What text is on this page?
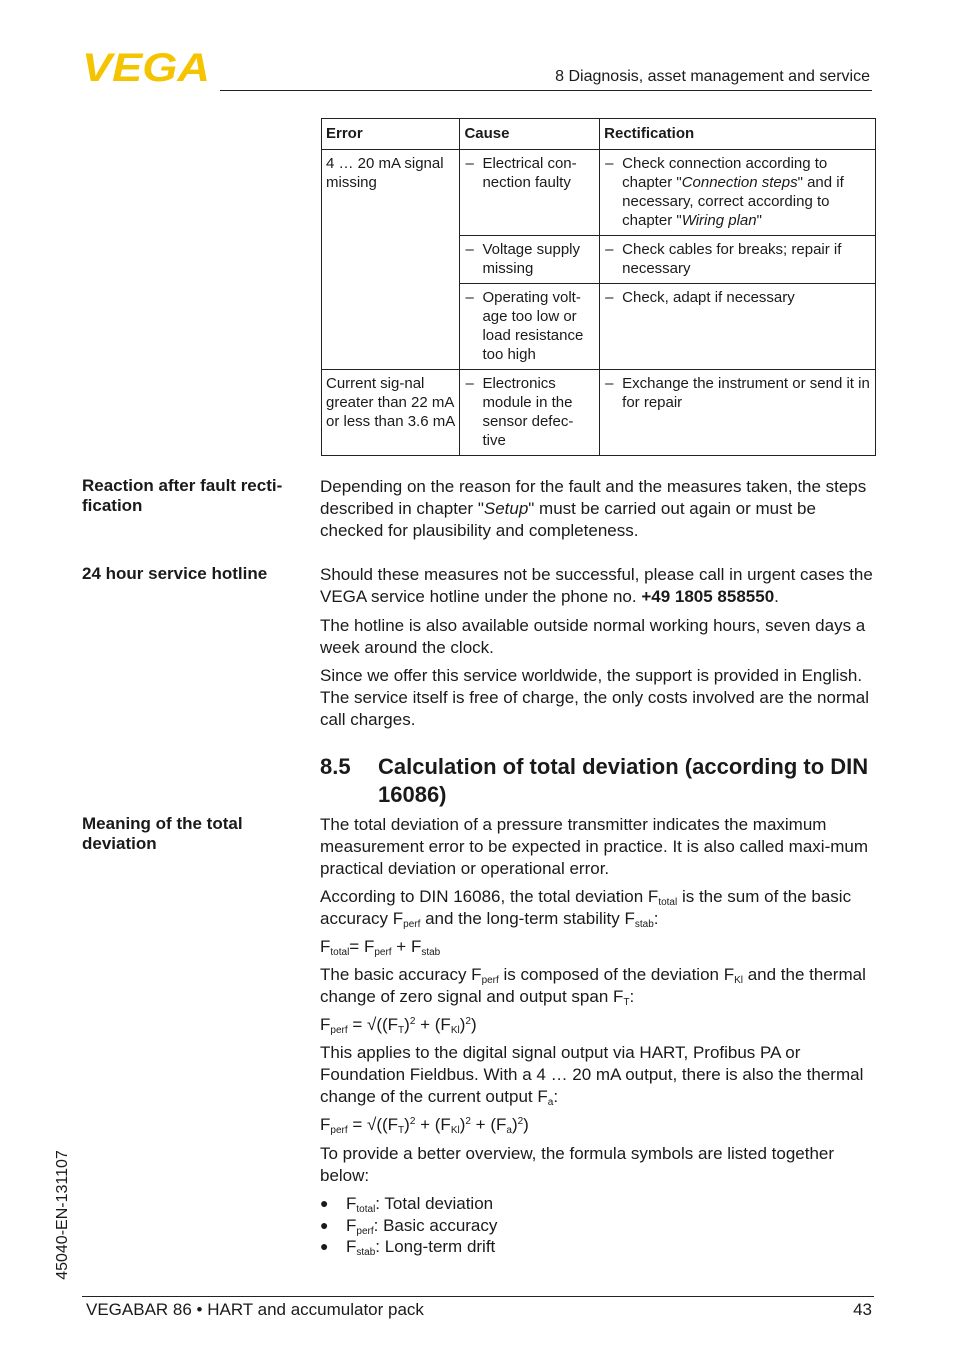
VEGA	8 Diagnosis, asset management and service
Error	Cause	Rectification
4 … 20 mA signal missing	– Electrical con-nection faulty	– Check connection according to chapter "Connection steps" and if necessary, correct according to chapter "Wiring plan"

	– Voltage supply missing	– Check cables for breaks; repair if necessary

	– Operating volt-age too low or load resistance too high	– Check, adapt if necessary

Current sig-nal greater than 22 mA or less than 3.6 mA	– Electronics module in the sensor defec-tive	– Exchange the instrument or send it in for repair
Reaction after fault recti-fication

Depending on the reason for the fault and the measures taken, the steps described in chapter "Setup" must be carried out again or must be checked for plausibility and completeness.

24 hour service hotline	Should these measures not be successful, please call in urgent cases the VEGA service hotline under the phone no. +49 1805 858550.

The hotline is also available outside normal working hours, seven days a week around the clock.

Since we offer this service worldwide, the support is provided in English. The service itself is free of charge, the only costs involved are the normal call charges.

8.5 Calculation of total deviation (according to DIN 16086)
Meaning of the total deviation

The total deviation of a pressure transmitter indicates the maximum measurement error to be expected in practice. It is also called maxi-mum practical deviation or operational error.

According to DIN 16086, the total deviation $F_{total}$ is the sum of the basic accuracy $F_{perf}$ and the long-term stability $F_{stab}$:

$F_{total}= F_{perf} + F_{stab}$

The basic accuracy $F_{perf}$ is composed of the deviation $F_{Kl}$ and the thermal change of zero signal and output span $F_T$:

$F_{perf} = √((F_T)^2 + (F_{Kl})^2)$

This applies to the digital signal output via HART, Profibus PA or Foundation Fieldbus. With a 4 … 20 mA output, there is also the thermal change of the current output $F_a$:

$F_{perf} = √((F_T)^2 + (F_{Kl})^2 + (F_a)^2)$

To provide a better overview, the formula symbols are listed together below:

●	$F_{total}$: Total deviation
●	$F_{perf}$: Basic accuracy
●	$F_{stab}$: Long-term drift
45040-EN-131107
VEGABAR 86 • HART and accumulator pack	43
